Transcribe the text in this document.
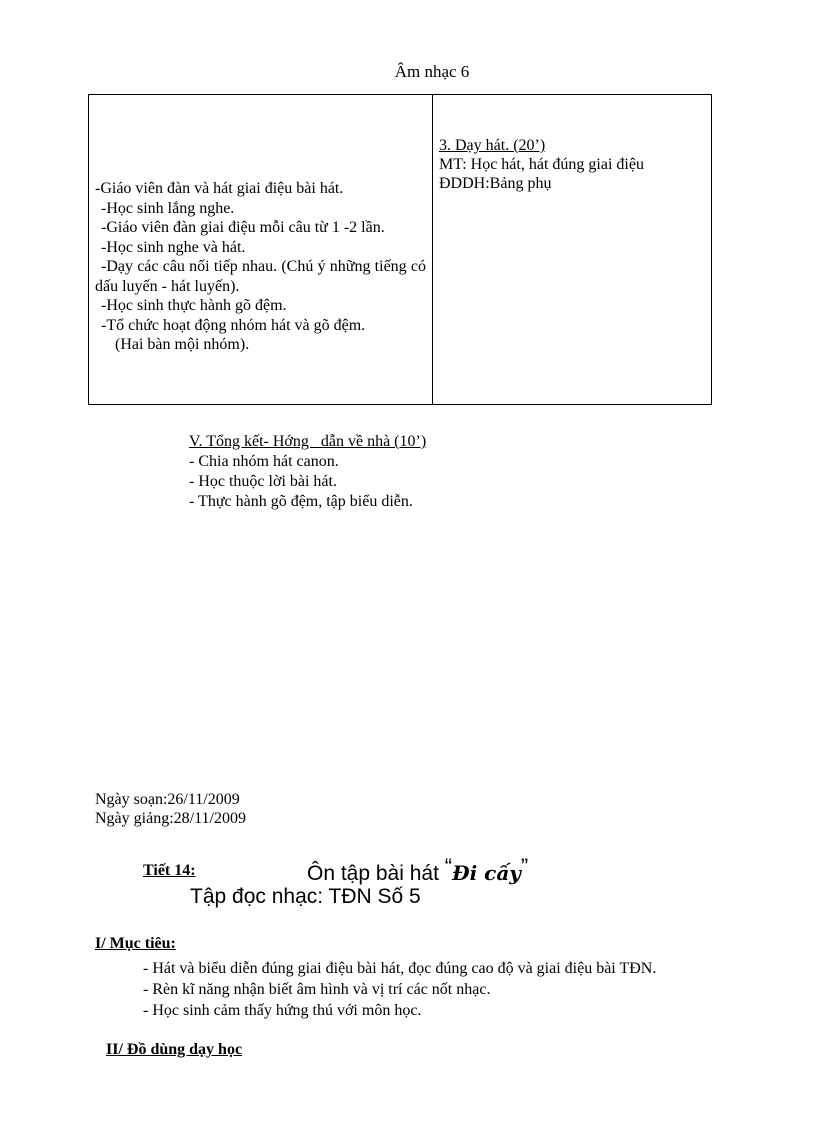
Âm nhạc 6
-Giáo viên đàn và hát giai điệu bài hát.
-Học sinh lắng nghe.
-Giáo viên đàn giai điệu mỗi câu từ 1 -2 lần.
-Học sinh nghe và hát.
-Dạy các câu nối tiếp nhau. (Chú ý những tiếng có dấu luyến - hát luyến).
-Học sinh thực hành gõ đệm.
-Tổ chức hoạt động nhóm hát và gõ đệm.
(Hai bàn mội nhóm).
3. Dạy hát. (20’)
MT: Học hát, hát đúng giai điệu
ĐDDH:Bảng phụ
V. Tổng kết- Hớng   dẫn về nhà (10’)
- Chia nhóm hát canon.
- Học thuộc lời bài hát.
- Thực hành gõ đệm, tập biểu diễn.
Ngày soạn:26/11/2009
Ngày giảng:28/11/2009
Tiết 14:	Ôn tập bài hát “Đi cấy”
Tập đọc nhạc: TĐN Số 5
I/ Mục tiêu:
- Hát và biểu diễn đúng giai điệu bài hát, đọc đúng cao độ và giai điệu bài TĐN.
- Rèn kĩ năng nhận biết âm hình và vị trí các nốt nhạc.
- Học sinh cảm thấy hứng thú với môn học.
II/ Đồ dùng dạy học
